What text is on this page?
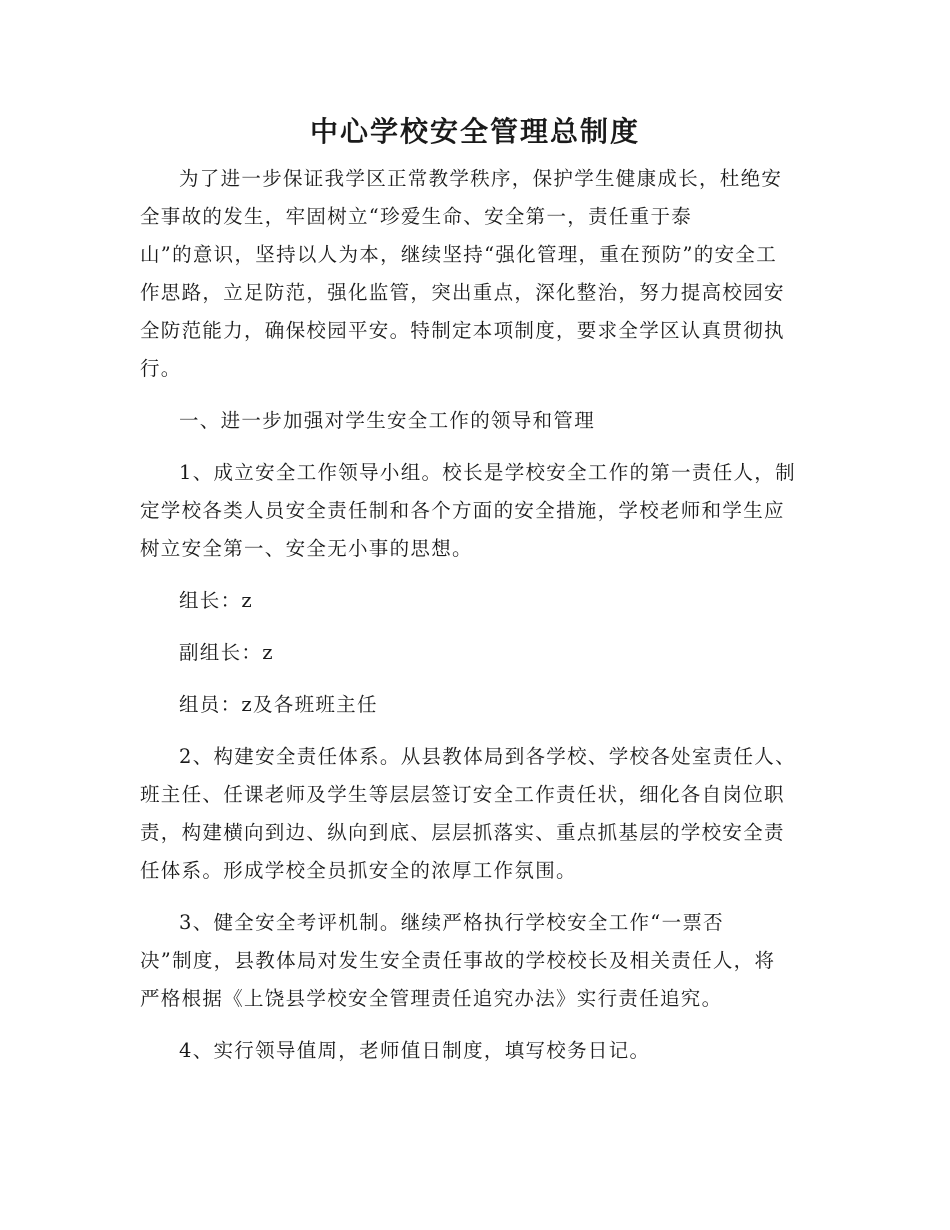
中心学校安全管理总制度

为了进一步保证我学区正常教学秩序，保护学生健康成长，杜绝安全事故的发生，牢固树立“珍爱生命、安全第一，责任重于泰
山”的意识，坚持以人为本，继续坚持“强化管理，重在预防”的安全工作思路，立足防范，强化监管，突出重点，深化整治，努力提高校园安全防范能力，确保校园平安。特制定本项制度，要求全学区认真贯彻执行。

一、进一步加强对学生安全工作的领导和管理

1、成立安全工作领导小组。校长是学校安全工作的第一责任人，制定学校各类人员安全责任制和各个方面的安全措施，学校老师和学生应树立安全第一、安全无小事的思想。

组长：z

副组长：z

组员：z及各班班主任

2、构建安全责任体系。从县教体局到各学校、学校各处室责任人、班主任、任课老师及学生等层层签订安全工作责任状，细化各自岗位职责，构建横向到边、纵向到底、层层抓落实、重点抓基层的学校安全责任体系。形成学校全员抓安全的浓厚工作氛围。

3、健全安全考评机制。继续严格执行学校安全工作“一票否
决”制度，县教体局对发生安全责任事故的学校校长及相关责任人，将严格根据《上饶县学校安全管理责任追究办法》实行责任追究。

4、实行领导值周，老师值日制度，填写校务日记。
